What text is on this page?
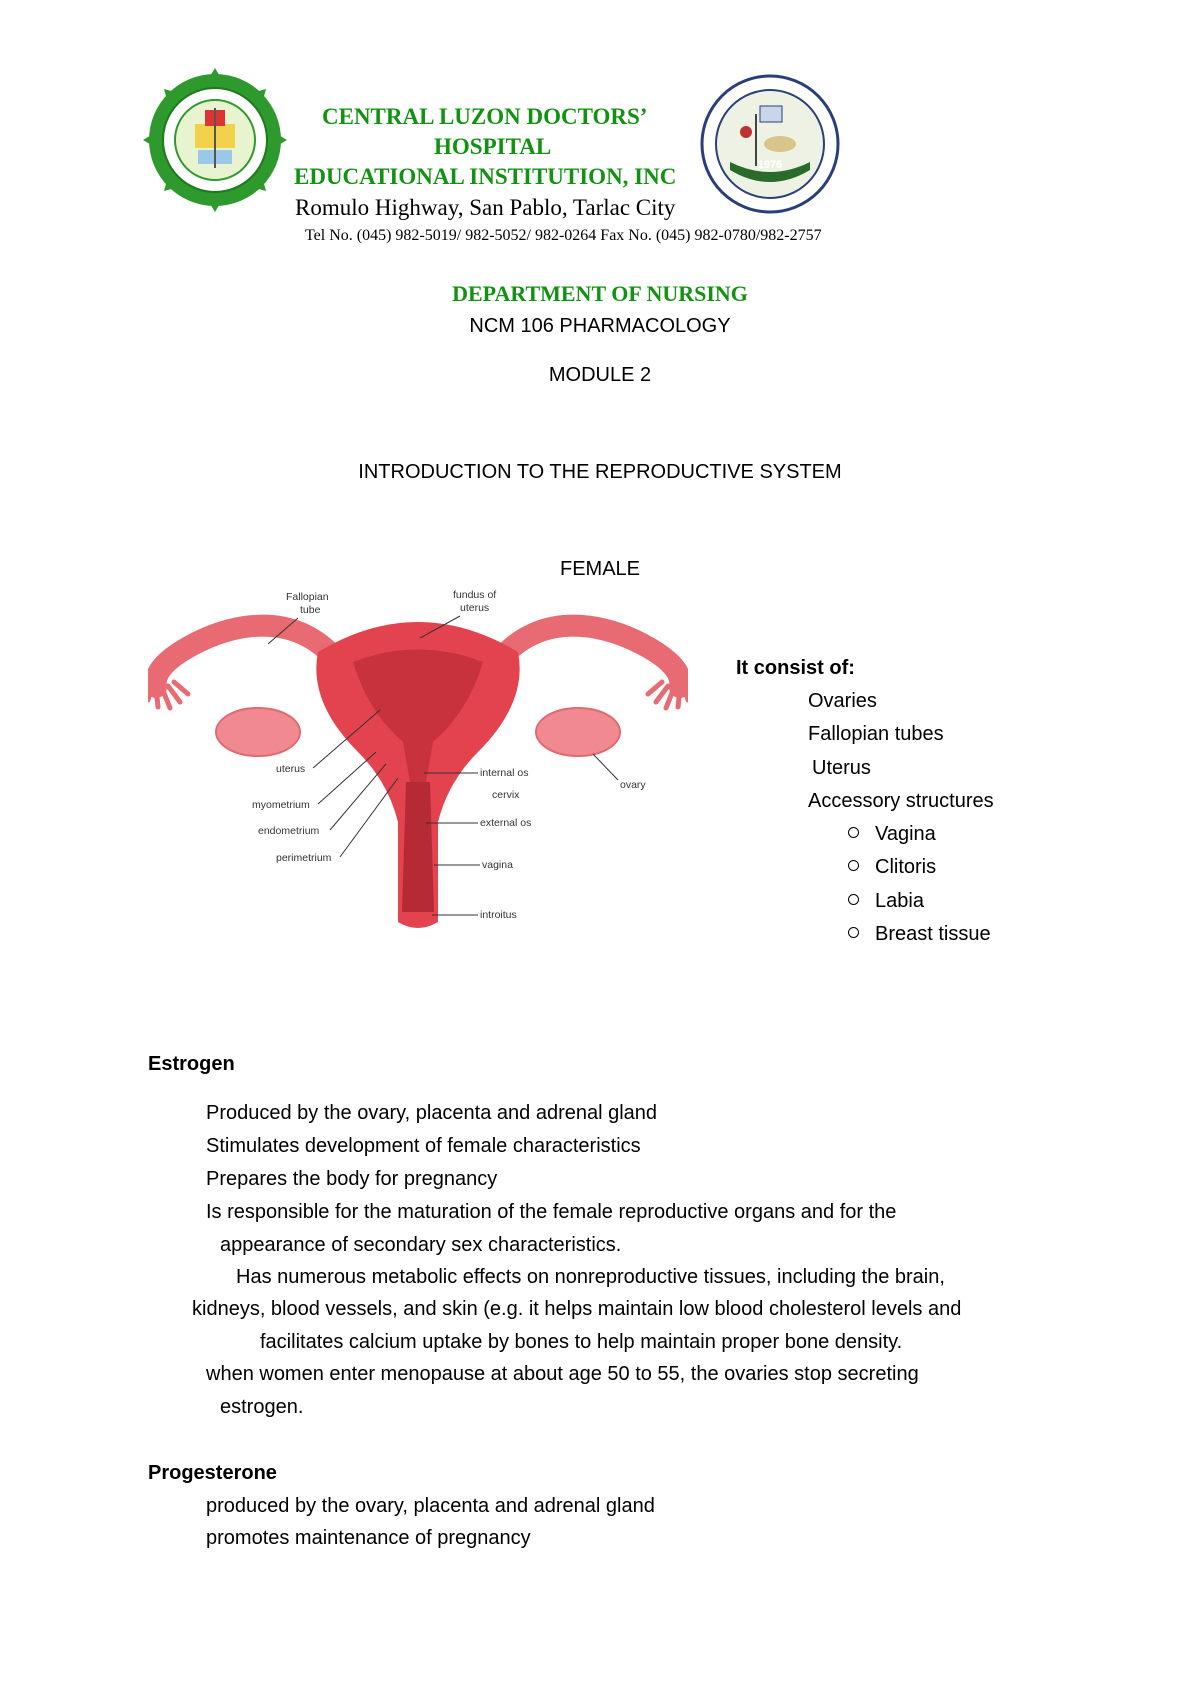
1976
CENTRAL LUZON DOCTORS’
HOSPITAL
EDUCATIONAL INSTITUTION, INC
Romulo Highway, San Pablo, Tarlac City
Tel No. (045) 982-5019/ 982-5052/ 982-0264 Fax No. (045) 982-0780/982-2757
DEPARTMENT OF NURSING
NCM 106 PHARMACOLOGY
MODULE 2
INTRODUCTION TO THE REPRODUCTIVE SYSTEM
FEMALE
Fallopian
tube
fundus of
uterus
uterus
myometrium
endometrium
perimetrium
internal os
cervix
external os
vagina
introitus
ovary
It consist of:
Ovaries
Fallopian tubes
Uterus
Accessory structures
Vagina
Clitoris
Labia
Breast tissue
Estrogen
Produced by the ovary, placenta and adrenal gland
Stimulates development of female characteristics
Prepares the body for pregnancy
Is responsible for the maturation of the female reproductive organs and for the
appearance of secondary sex characteristics.
Has numerous metabolic effects on nonreproductive tissues, including the brain,
kidneys, blood vessels, and skin (e.g. it helps maintain low blood cholesterol levels and
facilitates calcium uptake by bones to help maintain proper bone density.
when women enter menopause at about age 50 to 55, the ovaries stop secreting
estrogen.
Progesterone
produced by the ovary, placenta and adrenal gland
promotes maintenance of pregnancy
